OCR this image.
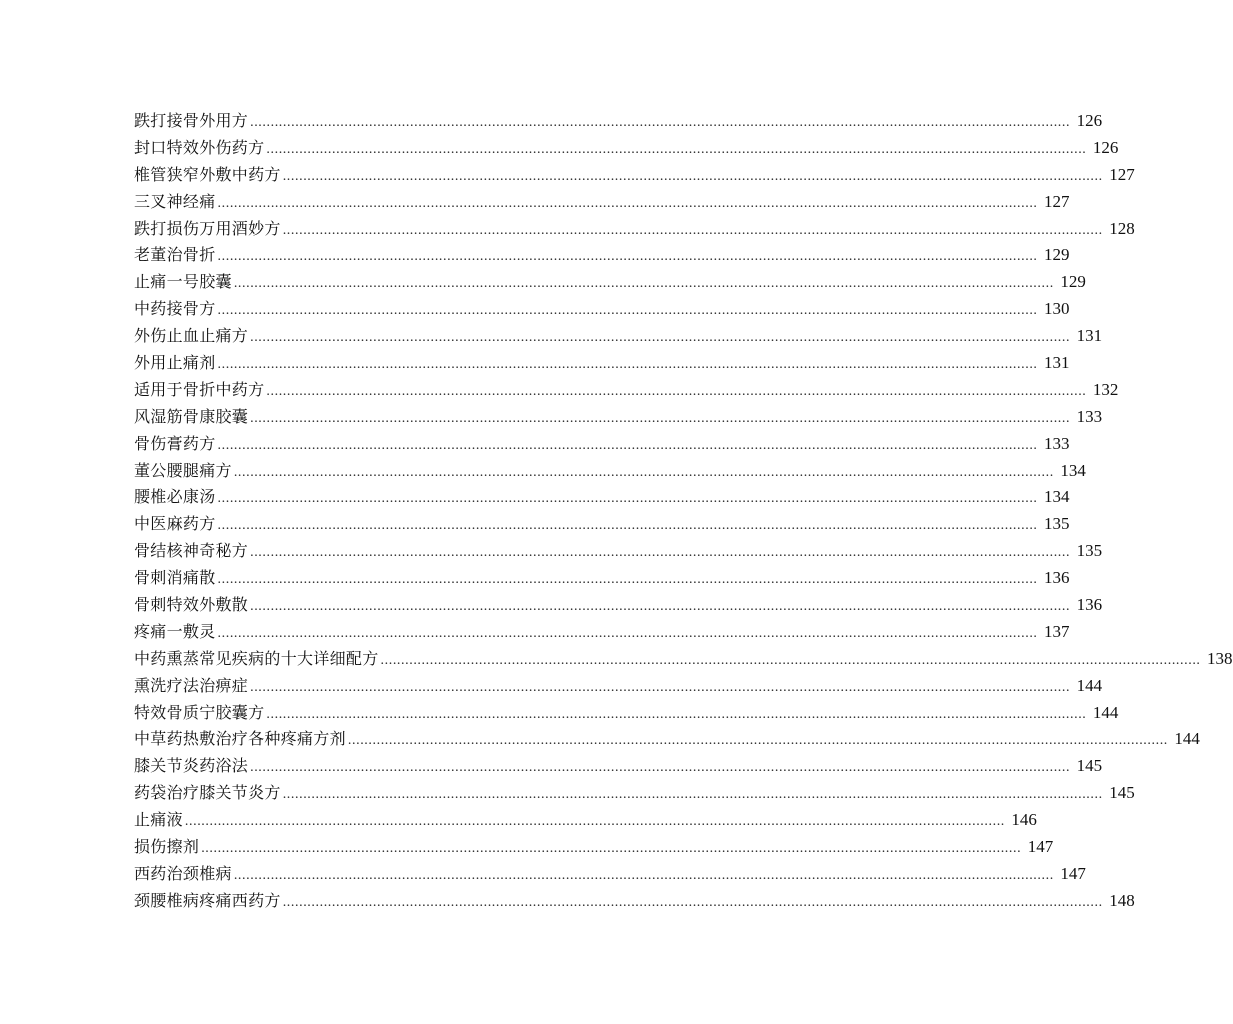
跌打接骨外用方 ........................................................................................................................................................................................................ 126
封口特效外伤药方 ........................................................................................................................................................................................................ 126
椎管狭窄外敷中药方 ........................................................................................................................................................................................................ 127
三叉神经痛 ........................................................................................................................................................................................................ 127
跌打损伤万用酒妙方 ........................................................................................................................................................................................................ 128
老董治骨折 ........................................................................................................................................................................................................ 129
止痛一号胶囊 ........................................................................................................................................................................................................ 129
中药接骨方 ........................................................................................................................................................................................................ 130
外伤止血止痛方 ........................................................................................................................................................................................................ 131
外用止痛剂 ........................................................................................................................................................................................................ 131
适用于骨折中药方 ........................................................................................................................................................................................................ 132
风湿筋骨康胶囊 ........................................................................................................................................................................................................ 133
骨伤膏药方 ........................................................................................................................................................................................................ 133
董公腰腿痛方 ........................................................................................................................................................................................................ 134
腰椎必康汤 ........................................................................................................................................................................................................ 134
中医麻药方 ........................................................................................................................................................................................................ 135
骨结核神奇秘方 ........................................................................................................................................................................................................ 135
骨刺消痛散 ........................................................................................................................................................................................................ 136
骨刺特效外敷散 ........................................................................................................................................................................................................ 136
疼痛一敷灵 ........................................................................................................................................................................................................ 137
中药熏蒸常见疾病的十大详细配方 ........................................................................................................................................................................................................ 138
熏洗疗法治痹症 ........................................................................................................................................................................................................ 144
特效骨质宁胶囊方 ........................................................................................................................................................................................................ 144
中草药热敷治疗各种疼痛方剂 ........................................................................................................................................................................................................ 144
膝关节炎药浴法 ........................................................................................................................................................................................................ 145
药袋治疗膝关节炎方 ........................................................................................................................................................................................................ 145
止痛液 ........................................................................................................................................................................................................ 146
损伤擦剂 ........................................................................................................................................................................................................ 147
西药治颈椎病 ........................................................................................................................................................................................................ 147
颈腰椎病疼痛西药方 ........................................................................................................................................................................................................ 148
